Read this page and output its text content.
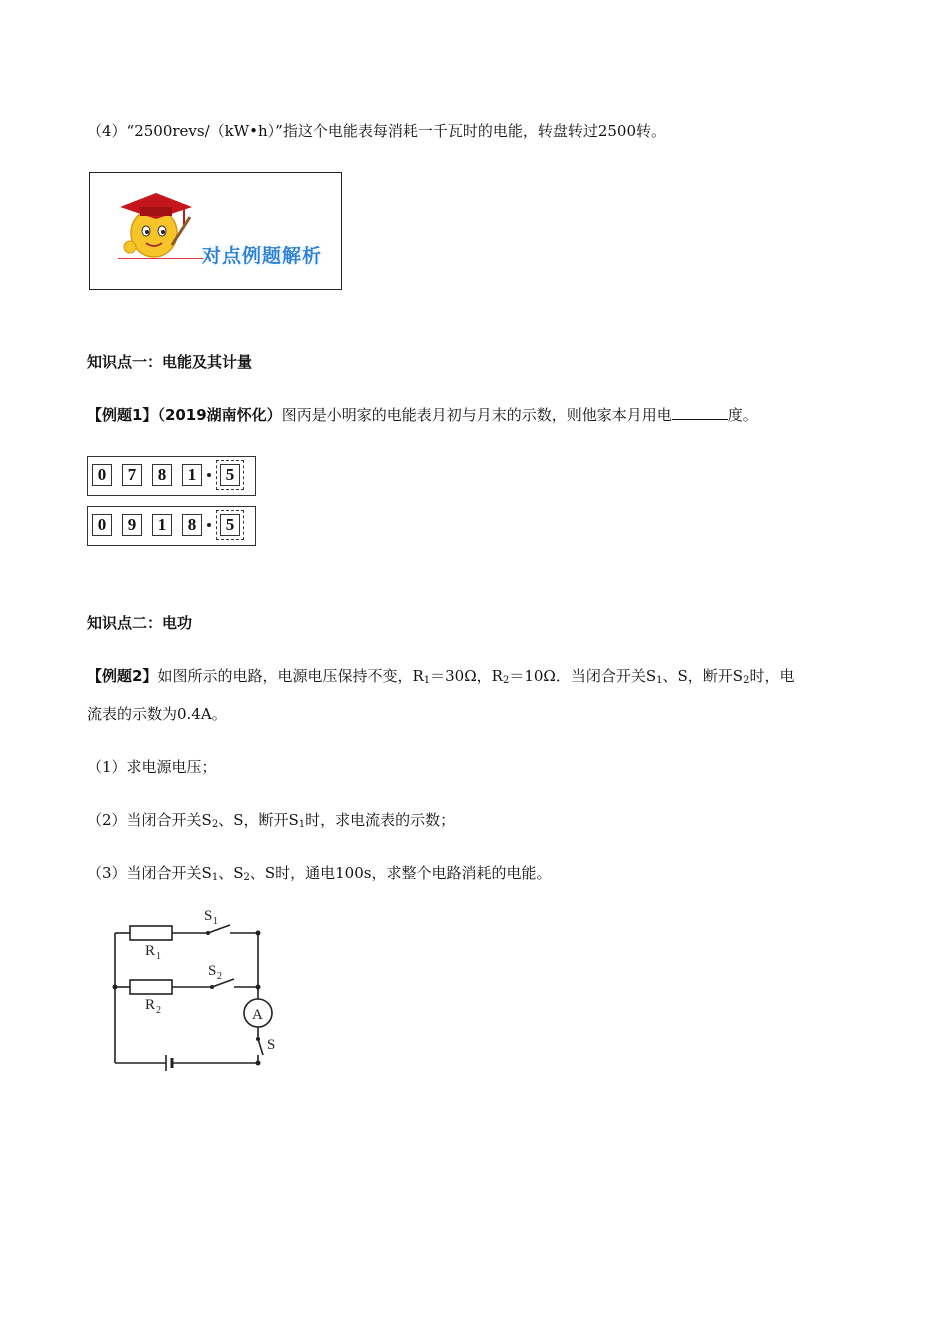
（4）“2500revs/（kW•h）”指这个电能表每消耗一千瓦时的电能，转盘转过2500转。
对点例题解析
知识点一：电能及其计量
【例题1】（2019湖南怀化）图丙是小明家的电能表月初与月末的示数，则他家本月用电	度。
0	7	8	1	5
0	9	1	8	5
知识点二：电功
【例题2】如图所示的电路，电源电压保持不变，$R_1=30\Omega$，$R_2=10\Omega$．当闭合开关$S_1$、S，断开$S_2$时，电
流表的示数为0.4A。
（1）求电源电压；
（2）当闭合开关$S_2$、S，断开$S_1$时，求电流表的示数；
（3）当闭合开关$S_1$、$S_2$、S时，通电100s，求整个电路消耗的电能。
R 1
R 2
S 1
S 2
A
S
